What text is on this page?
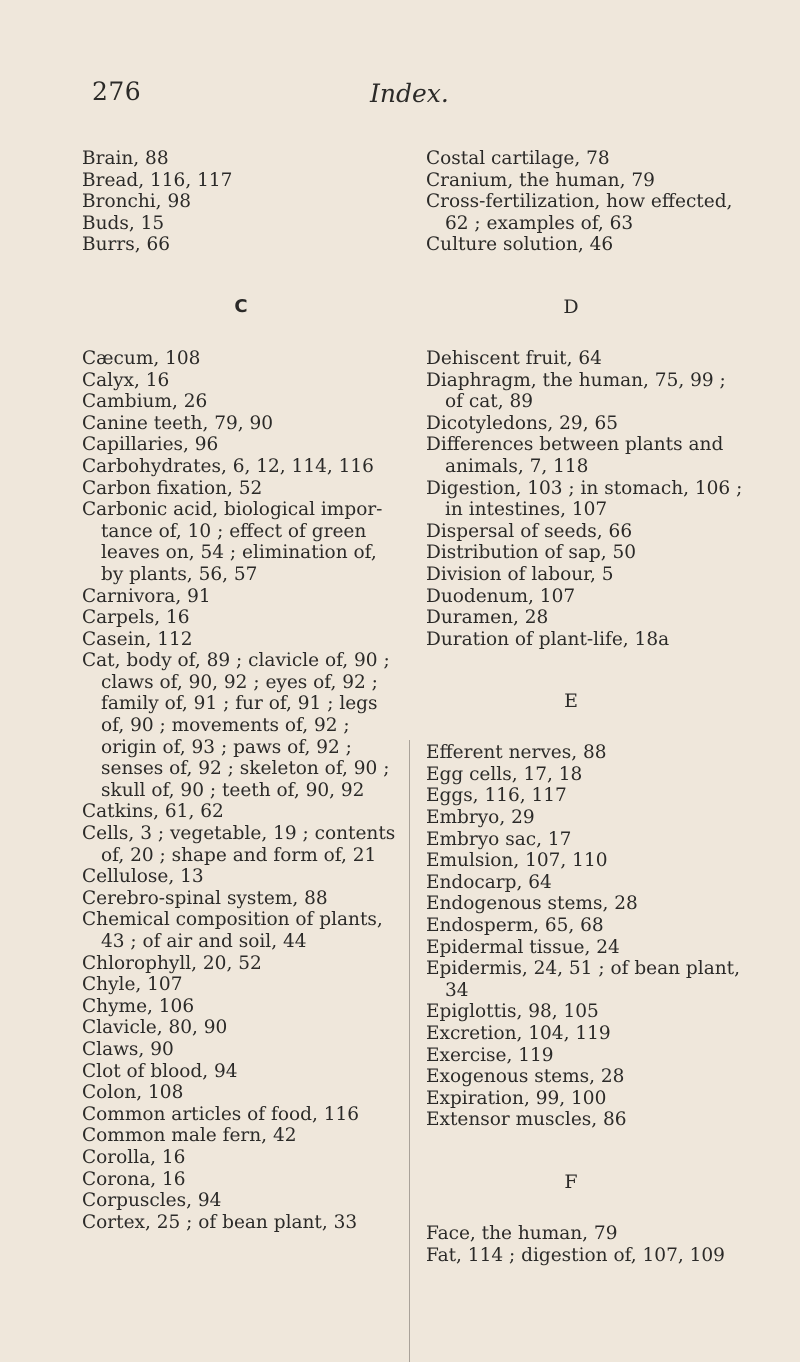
276	Index.
Brain, 88
Bread, 116, 117
Bronchi, 98
Buds, 15
Burrs, 66
C
Cæcum, 108
Calyx, 16
Cambium, 26
Canine teeth, 79, 90
Capillaries, 96
Carbohydrates, 6, 12, 114, 116
Carbon fixation, 52
Carbonic acid, biological impor-
tance of, 10 ; effect of green
leaves on, 54 ; elimination of,
by plants, 56, 57
Carnivora, 91
Carpels, 16
Casein, 112
Cat, body of, 89 ; clavicle of, 90 ;
claws of, 90, 92 ; eyes of, 92 ;
family of, 91 ; fur of, 91 ; legs
of, 90 ; movements of, 92 ;
origin of, 93 ; paws of, 92 ;
senses of, 92 ; skeleton of, 90 ;
skull of, 90 ; teeth of, 90, 92
Catkins, 61, 62
Cells, 3 ; vegetable, 19 ; contents
of, 20 ; shape and form of, 21
Cellulose, 13
Cerebro-spinal system, 88
Chemical composition of plants,
43 ; of air and soil, 44
Chlorophyll, 20, 52
Chyle, 107
Chyme, 106
Clavicle, 80, 90
Claws, 90
Clot of blood, 94
Colon, 108
Common articles of food, 116
Common male fern, 42
Corolla, 16
Corona, 16
Corpuscles, 94
Cortex, 25 ; of bean plant, 33
Costal cartilage, 78
Cranium, the human, 79
Cross-fertilization, how effected,
62 ; examples of, 63
Culture solution, 46
D
Dehiscent fruit, 64
Diaphragm, the human, 75, 99 ;
of cat, 89
Dicotyledons, 29, 65
Differences between plants and
animals, 7, 118
Digestion, 103 ; in stomach, 106 ;
in intestines, 107
Dispersal of seeds, 66
Distribution of sap, 50
Division of labour, 5
Duodenum, 107
Duramen, 28
Duration of plant-life, 18a
E
Efferent nerves, 88
Egg cells, 17, 18
Eggs, 116, 117
Embryo, 29
Embryo sac, 17
Emulsion, 107, 110
Endocarp, 64
Endogenous stems, 28
Endosperm, 65, 68
Epidermal tissue, 24
Epidermis, 24, 51 ; of bean plant,
34
Epiglottis, 98, 105
Excretion, 104, 119
Exercise, 119
Exogenous stems, 28
Expiration, 99, 100
Extensor muscles, 86
F
Face, the human, 79
Fat, 114 ; digestion of, 107, 109
